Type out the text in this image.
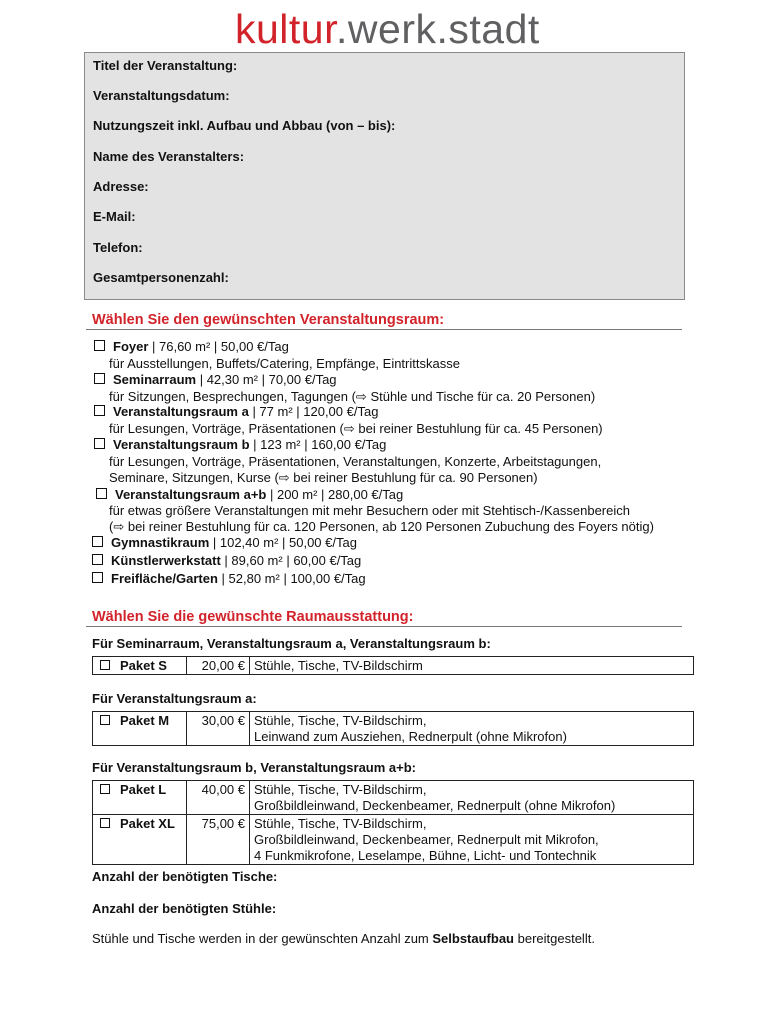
kultur.werk.stadt
Titel der Veranstaltung:
Veranstaltungsdatum:
Nutzungszeit inkl. Aufbau und Abbau (von – bis):
Name des Veranstalters:
Adresse:
E-Mail:
Telefon:
Gesamtpersonenzahl:
Wählen Sie den gewünschten Veranstaltungsraum:
Foyer | 76,60 m² | 50,00 €/Tag
für Ausstellungen, Buffets/Catering, Empfänge, Eintrittskasse
Seminarraum | 42,30 m² | 70,00 €/Tag
für Sitzungen, Besprechungen, Tagungen (⇨ Stühle und Tische für ca. 20 Personen)
Veranstaltungsraum a | 77 m² | 120,00 €/Tag
für Lesungen, Vorträge, Präsentationen (⇨ bei reiner Bestuhlung für ca. 45 Personen)
Veranstaltungsraum b | 123 m² | 160,00 €/Tag
für Lesungen, Vorträge, Präsentationen, Veranstaltungen, Konzerte, Arbeitstagungen,
Seminare, Sitzungen, Kurse (⇨ bei reiner Bestuhlung für ca. 90 Personen)
Veranstaltungsraum a+b | 200 m² | 280,00 €/Tag
für etwas größere Veranstaltungen mit mehr Besuchern oder mit Stehtisch-/Kassenbereich
(⇨ bei reiner Bestuhlung für ca. 120 Personen, ab 120 Personen Zubuchung des Foyers nötig)
Gymnastikraum | 102,40 m² | 50,00 €/Tag
Künstlerwerkstatt | 89,60 m² | 60,00 €/Tag
Freifläche/Garten | 52,80 m² | 100,00 €/Tag
Wählen Sie die gewünschte Raumausstattung:
Für Seminarraum, Veranstaltungsraum a, Veranstaltungsraum b:
Paket S	20,00 €	Stühle, Tische, TV-Bildschirm
Für Veranstaltungsraum a:
Paket M	30,00 €	Stühle, Tische, TV-Bildschirm,
Leinwand zum Ausziehen, Rednerpult (ohne Mikrofon)
Für Veranstaltungsraum b, Veranstaltungsraum a+b:
Paket L	40,00 €	Stühle, Tische, TV-Bildschirm,
Großbildleinwand, Deckenbeamer, Rednerpult (ohne Mikrofon)

Paket XL	75,00 €	Stühle, Tische, TV-Bildschirm,
Großbildleinwand, Deckenbeamer, Rednerpult mit Mikrofon,
4 Funkmikrofone, Leselampe, Bühne, Licht- und Tontechnik
Anzahl der benötigten Tische:
Anzahl der benötigten Stühle:
Stühle und Tische werden in der gewünschten Anzahl zum Selbstaufbau bereitgestellt.
